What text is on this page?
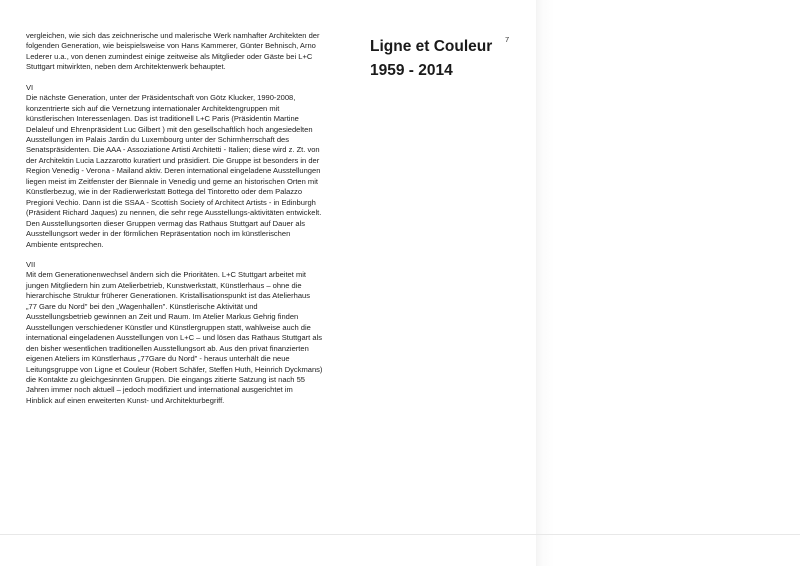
vergleichen, wie sich das zeichnerische und malerische Werk namhafter Architekten der

folgenden Generation, wie beispielsweise von Hans Kammerer, Günter Behnisch, Arno

Lederer u.a., von denen zumindest einige zeitweise als Mitglieder oder Gäste bei L+C

Stuttgart mitwirkten, neben dem Architektenwerk behauptet.

VI

Die nächste Generation, unter der Präsidentschaft von Götz Klucker, 1990-2008,

konzentrierte sich auf die Vernetzung internationaler Architektengruppen mit

künstlerischen Interessenlagen. Das ist traditionell L+C Paris (Präsidentin Martine

Delaleuf und Ehrenpräsident Luc Gilbert ) mit den gesellschaftlich hoch angesiedelten

Ausstellungen im Palais Jardin du Luxembourg unter der Schirmherrschaft des

Senatspräsidenten. Die AAA - Assoziatione Artisti Architetti - Italien; diese wird z. Zt. von

der Architektin Lucia Lazzarotto kuratiert und präsidiert. Die Gruppe ist besonders in der

Region Venedig - Verona - Mailand aktiv. Deren international eingeladene Ausstellungen

liegen meist im Zeitfenster der Biennale in Venedig und gerne an historischen Orten mit

Künstlerbezug, wie in der Radierwerkstatt Bottega del Tintoretto oder dem Palazzo

Pregioni Vechio. Dann ist die SSAA - Scottish Society of Architect Artists - in Edinburgh

(Präsident Richard Jaques) zu nennen, die sehr rege Ausstellungs-aktivitäten entwickelt.

Den Ausstellungsorten dieser Gruppen vermag das Rathaus Stuttgart auf Dauer als

Ausstellungsort weder in der förmlichen Repräsentation noch im künstlerischen

Ambiente entsprechen.

VII

Mit dem Generationenwechsel ändern sich die Prioritäten. L+C Stuttgart arbeitet mit

jungen Mitgliedern hin zum Atelierbetrieb, Kunstwerkstatt, Künstlerhaus – ohne die

hierarchische Struktur früherer Generationen. Kristallisationspunkt ist das Atelierhaus

„77 Gare du Nord" bei den „Wagenhallen". Künstlerische Aktivität und

Ausstellungsbetrieb gewinnen an Zeit und Raum. Im Atelier Markus Gehrig finden

Ausstellungen verschiedener Künstler und Künstlergruppen statt, wahlweise auch die

international eingeladenen Ausstellungen von L+C – und lösen das Rathaus Stuttgart als

den bisher wesentlichen traditionellen Ausstellungsort ab. Aus den privat finanzierten

eigenen Ateliers im Künstlerhaus „77Gare du Nord" - heraus unterhält die neue

Leitungsgruppe von Ligne et Couleur (Robert Schäfer, Steffen Huth, Heinrich Dyckmans)

die Kontakte zu gleichgesinnten Gruppen. Die eingangs zitierte Satzung ist nach 55

Jahren immer noch aktuell – jedoch modifiziert und international ausgerichtet im

Hinblick auf einen erweiterten Kunst- und Architekturbegriff.

Ligne et Couleur
1959 - 2014
7
